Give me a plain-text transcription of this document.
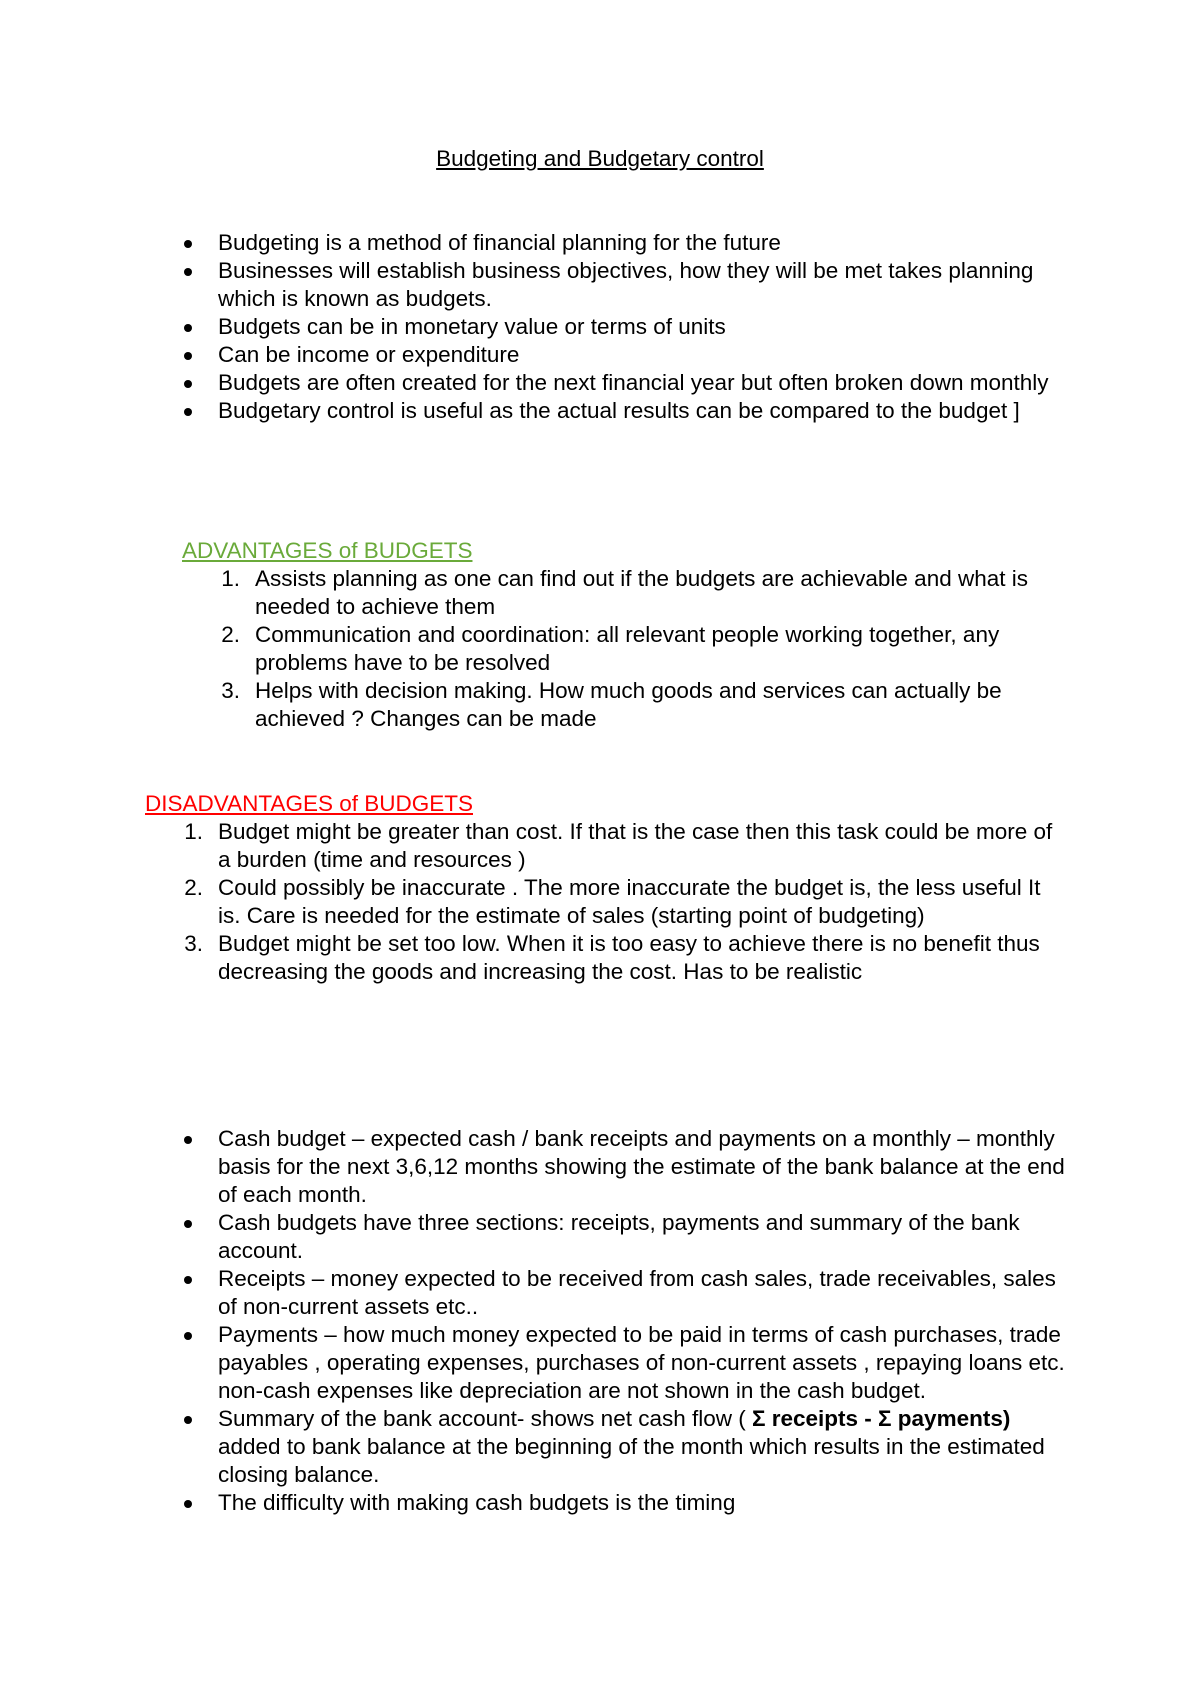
Budgeting and Budgetary control
Budgeting is a method of financial planning for the future
Businesses will establish business objectives, how they will be met takes planning which is known as budgets.
Budgets can be in monetary value or terms of units
Can be income or expenditure
Budgets are often created for the next financial year but often broken down monthly
Budgetary control is useful as the actual results can be compared to the budget ]
ADVANTAGES of BUDGETS
1. Assists planning as one can find out if the budgets are achievable and what is needed to achieve them
2. Communication and coordination: all relevant people working together, any problems have to be resolved
3. Helps with decision making. How much goods and services can actually be achieved ? Changes can be made
DISADVANTAGES of BUDGETS
1. Budget might be greater than cost. If that is the case then this task could be more of a burden (time and resources )
2. Could possibly be inaccurate . The more inaccurate the budget is, the less useful It is. Care is needed for the estimate of sales (starting point of budgeting)
3. Budget might be set too low. When it is too easy to achieve there is no benefit thus decreasing the goods and increasing the cost. Has to be realistic
Cash budget – expected cash / bank receipts and payments on a monthly – monthly basis for the next 3,6,12 months showing the estimate of the bank balance at the end of each month.
Cash budgets have three sections: receipts, payments and summary of the bank account.
Receipts – money expected to be received from cash sales, trade receivables, sales of non-current assets etc..
Payments – how much money expected to be paid in terms of cash purchases, trade payables , operating expenses, purchases of non-current assets , repaying loans etc. non-cash expenses like depreciation are not shown in the cash budget.
Summary of the bank account- shows net cash flow ( Σ receipts - Σ payments) added to bank balance at the beginning of the month which results in the estimated closing balance.
The difficulty with making cash budgets is the timing
